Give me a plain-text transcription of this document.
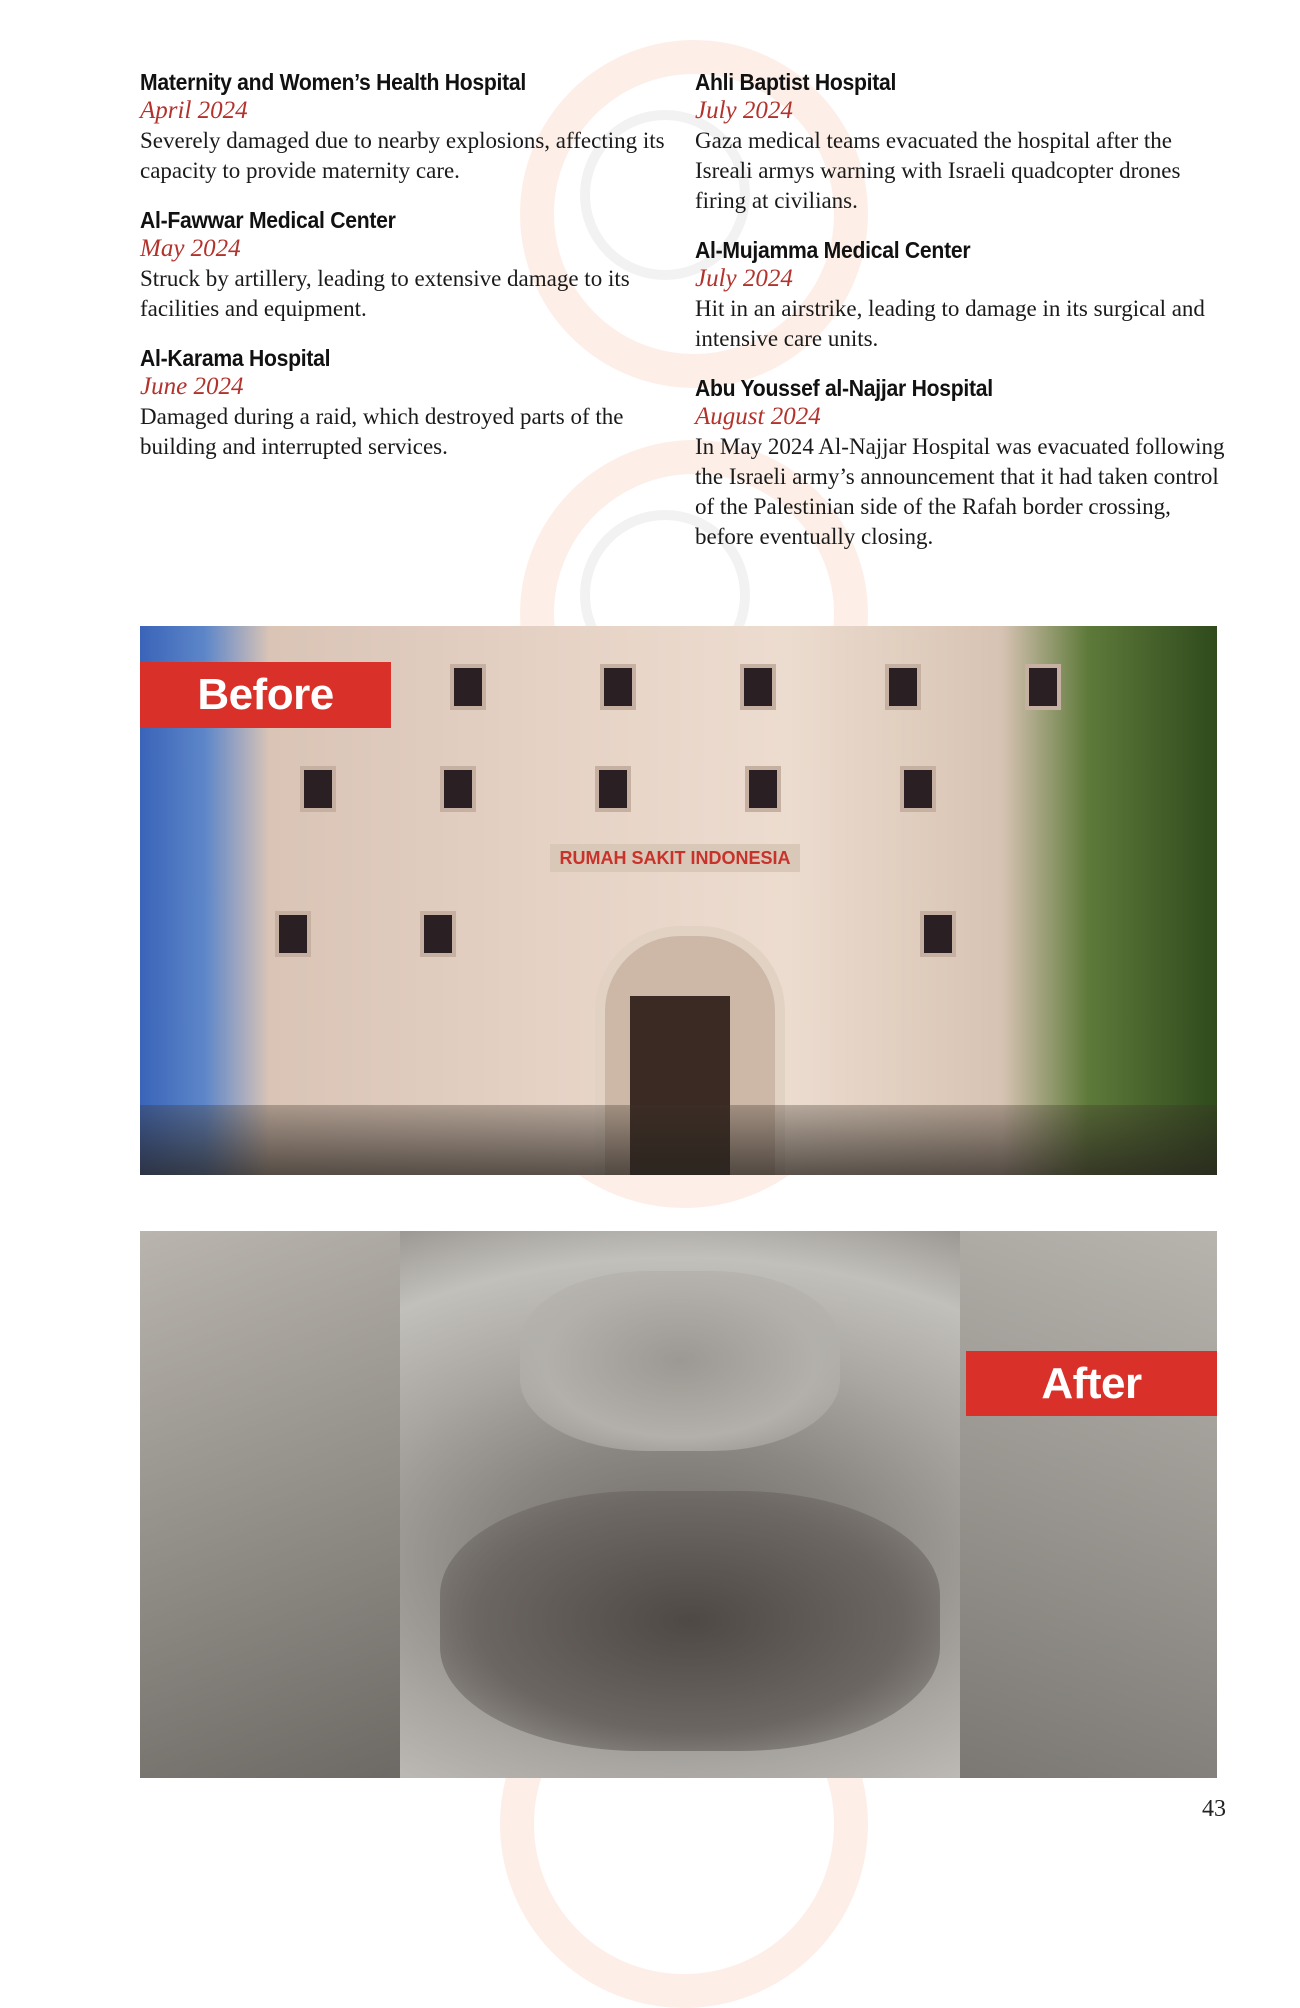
Maternity and Women’s Health Hospital
April 2024
Severely damaged due to nearby explosions, affecting its capacity to provide maternity care.
Al-Fawwar Medical Center
May 2024
Struck by artillery, leading to extensive damage to its facilities and equipment.
Al-Karama Hospital
June 2024
Damaged during a raid, which destroyed parts of the building and interrupted services.
Ahli Baptist Hospital
July 2024
Gaza medical teams evacuated the hospital after the Isreali armys warning with Israeli quadcopter drones firing at civilians.
Al-Mujamma Medical Center
July 2024
Hit in an airstrike, leading to damage in its surgical and intensive care units.
Abu Youssef al-Najjar Hospital
August 2024
In May 2024 Al-Najjar Hospital was evacuated following the Israeli army’s announcement that it had taken control of the Palestinian side of the Rafah border crossing, before eventually closing.
RUMAH SAKIT INDONESIA
Before
After
43
